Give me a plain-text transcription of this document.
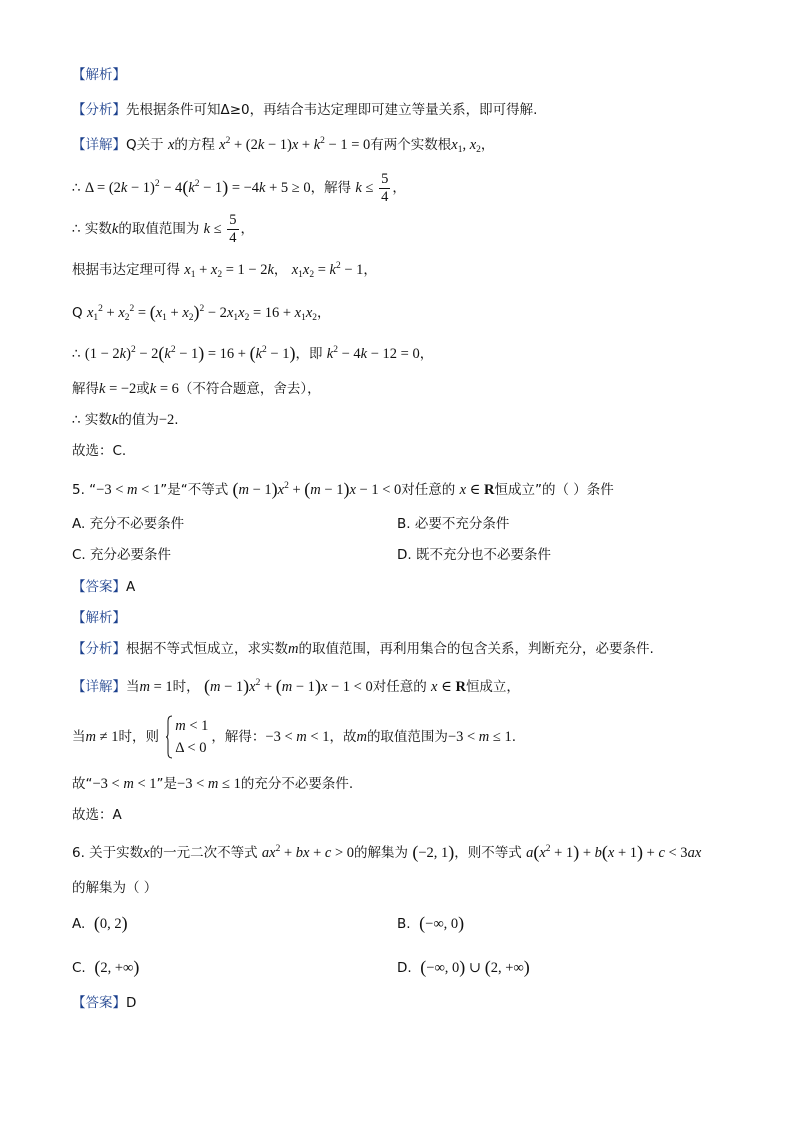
【解析】
【分析】先根据条件可知Δ≥0，再结合韦达定理即可建立等量关系，即可得解.
【详解】Q关于 x的方程 $x^2 + (2k - 1)x + k^2 - 1 = 0$有两个实数根$x_1$, $x_2$，
∴ $\Delta = (2k - 1)^2 - 4(k^2 - 1) = -4k + 5 \ge 0$，解得 $k \le \frac{5}{4}$ ，
∴ 实数k的取值范围为 $k \le \frac{5}{4}$ ，
根据韦达定理可得 $x_1 + x_2 = 1 - 2k$， $x_1x_2 = k^2 - 1$，
Q $x_1^2 + x_2^2 = (x_1 + x_2)^2 - 2x_1x_2 = 16 + x_1x_2$，
∴ $(1 - 2k)^2 - 2(k^2 - 1) = 16 + (k^2 - 1)$，即 $k^2 - 4k - 12 = 0$，
解得k = −2或k = 6（不符合题意，舍去），
∴ 实数k的值为−2.
故选：C.
5. “−3 < m < 1”是“不等式 $(m - 1)x^2 + (m - 1)x - 1 < 0$对任意的 x ∈ R恒成立”的（ ）条件
A. 充分不必要条件	B. 必要不充分条件
C. 充分必要条件	D. 既不充分也不必要条件
【答案】A
【解析】
【分析】根据不等式恒成立，求实数m的取值范围，再利用集合的包含关系，判断充分，必要条件.
【详解】当m = 1时， $(m - 1)x^2 + (m - 1)x - 1 < 0$对任意的 x ∈ R恒成立，
当m ≠ 1时，则
m < 1
Δ < 0
，解得：−3 < m < 1，故m的取值范围为−3 < m ≤ 1.
故“−3 < m < 1”是−3 < m ≤ 1的充分不必要条件.
故选：A
6. 关于实数x的一元二次不等式 $ax^2$ + bx + c > 0的解集为 (−2, 1)，则不等式 $a(x^2 + 1) + b(x + 1) + c < 3ax$
的解集为（ ）
A. (0, 2)	B. (−∞, 0)
C. (2, +∞)	D. (−∞, 0) ∪ (2, +∞)
【答案】D
